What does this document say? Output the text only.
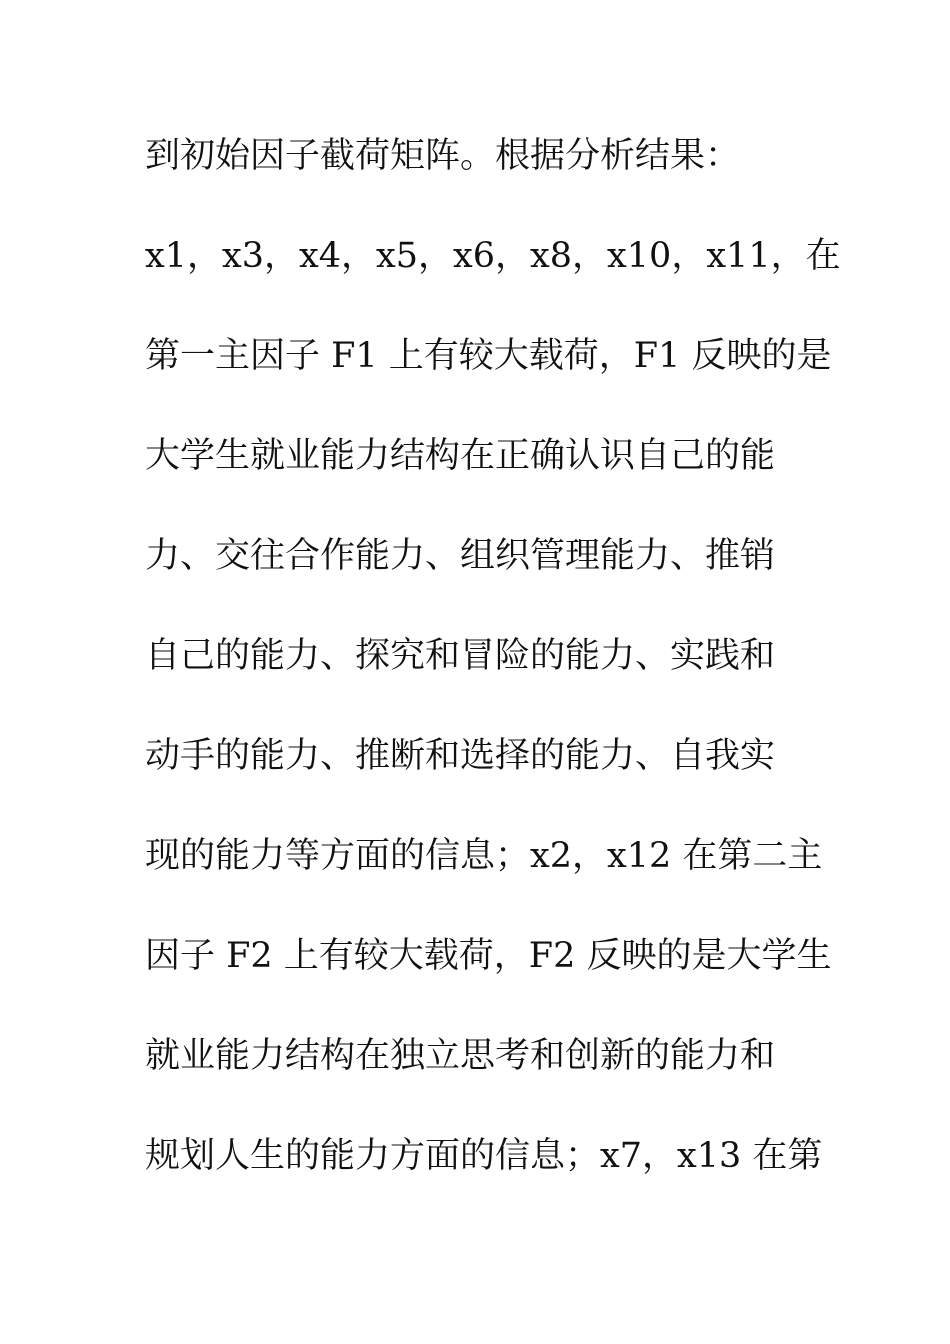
到初始因子截荷矩阵。根据分析结果：
x1，x3，x4，x5，x6，x8，x10，x11，在
第一主因子 F1 上有较大载荷，F1 反映的是
大学生就业能力结构在正确认识自己的能
力、交往合作能力、组织管理能力、推销
自己的能力、探究和冒险的能力、实践和
动手的能力、推断和选择的能力、自我实
现的能力等方面的信息；x2，x12 在第二主
因子 F2 上有较大载荷，F2 反映的是大学生
就业能力结构在独立思考和创新的能力和
规划人生的能力方面的信息；x7，x13 在第
